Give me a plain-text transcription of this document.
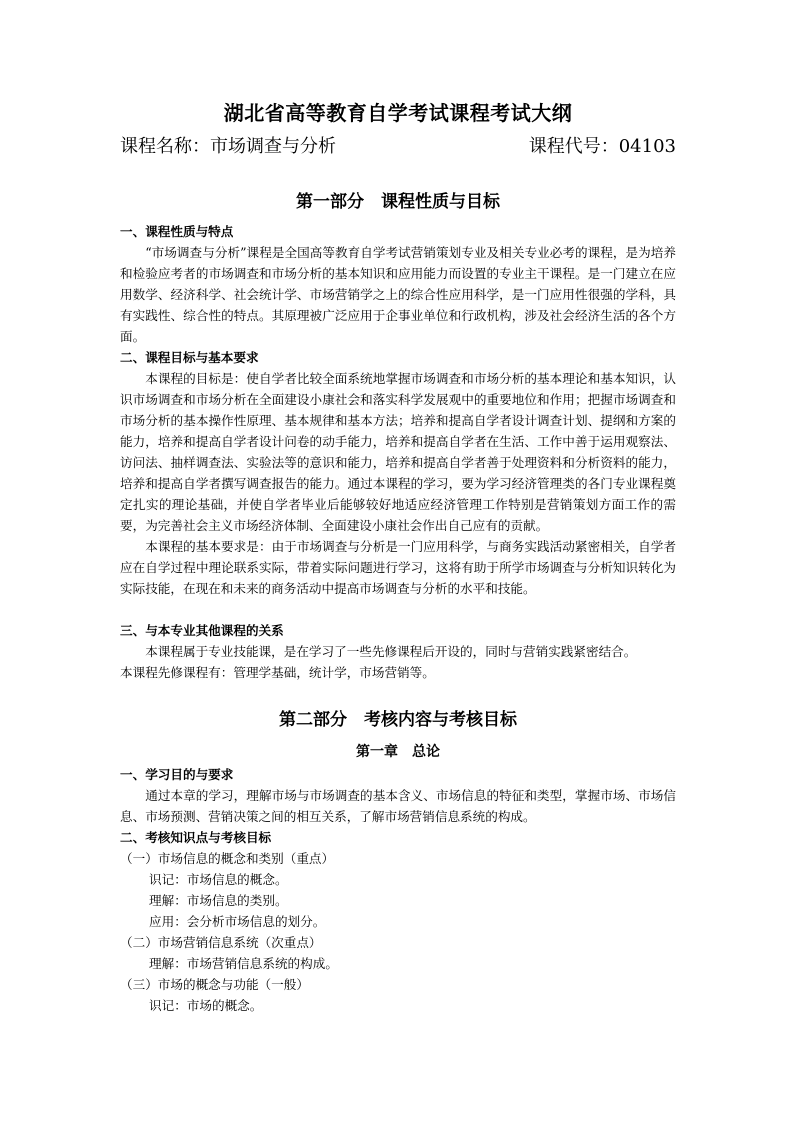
湖北省高等教育自学考试课程考试大纲
课程名称：市场调查与分析	课程代号：04103
第一部分　课程性质与目标

一、课程性质与特点

“市场调查与分析”课程是全国高等教育自学考试营销策划专业及相关专业必考的课程，是为培养和检验应考者的市场调查和市场分析的基本知识和应用能力而设置的专业主干课程。是一门建立在应用数学、经济科学、社会统计学、市场营销学之上的综合性应用科学，是一门应用性很强的学科，具有实践性、综合性的特点。其原理被广泛应用于企事业单位和行政机构，涉及社会经济生活的各个方面。

二、课程目标与基本要求

本课程的目标是：使自学者比较全面系统地掌握市场调查和市场分析的基本理论和基本知识，认识市场调查和市场分析在全面建设小康社会和落实科学发展观中的重要地位和作用；把握市场调查和市场分析的基本操作性原理、基本规律和基本方法；培养和提高自学者设计调查计划、提纲和方案的能力，培养和提高自学者设计问卷的动手能力，培养和提高自学者在生活、工作中善于运用观察法、访问法、抽样调查法、实验法等的意识和能力，培养和提高自学者善于处理资料和分析资料的能力，培养和提高自学者撰写调查报告的能力。通过本课程的学习，要为学习经济管理类的各门专业课程奠定扎实的理论基础，并使自学者毕业后能够较好地适应经济管理工作特别是营销策划方面工作的需要，为完善社会主义市场经济体制、全面建设小康社会作出自己应有的贡献。

本课程的基本要求是：由于市场调查与分析是一门应用科学，与商务实践活动紧密相关，自学者应在自学过程中理论联系实际，带着实际问题进行学习，这将有助于所学市场调查与分析知识转化为实际技能，在现在和未来的商务活动中提高市场调查与分析的水平和技能。

三、与本专业其他课程的关系

本课程属于专业技能课，是在学习了一些先修课程后开设的，同时与营销实践紧密结合。

本课程先修课程有：管理学基础，统计学，市场营销等。

第二部分　考核内容与考核目标
第一章　总论

一、学习目的与要求

通过本章的学习，理解市场与市场调查的基本含义、市场信息的特征和类型，掌握市场、市场信息、市场预测、营销决策之间的相互关系，了解市场营销信息系统的构成。

二、考核知识点与考核目标

（一）市场信息的概念和类别（重点）

识记：市场信息的概念。

理解：市场信息的类别。

应用：会分析市场信息的划分。

（二）市场营销信息系统（次重点）

理解：市场营销信息系统的构成。

（三）市场的概念与功能（一般）

识记：市场的概念。
